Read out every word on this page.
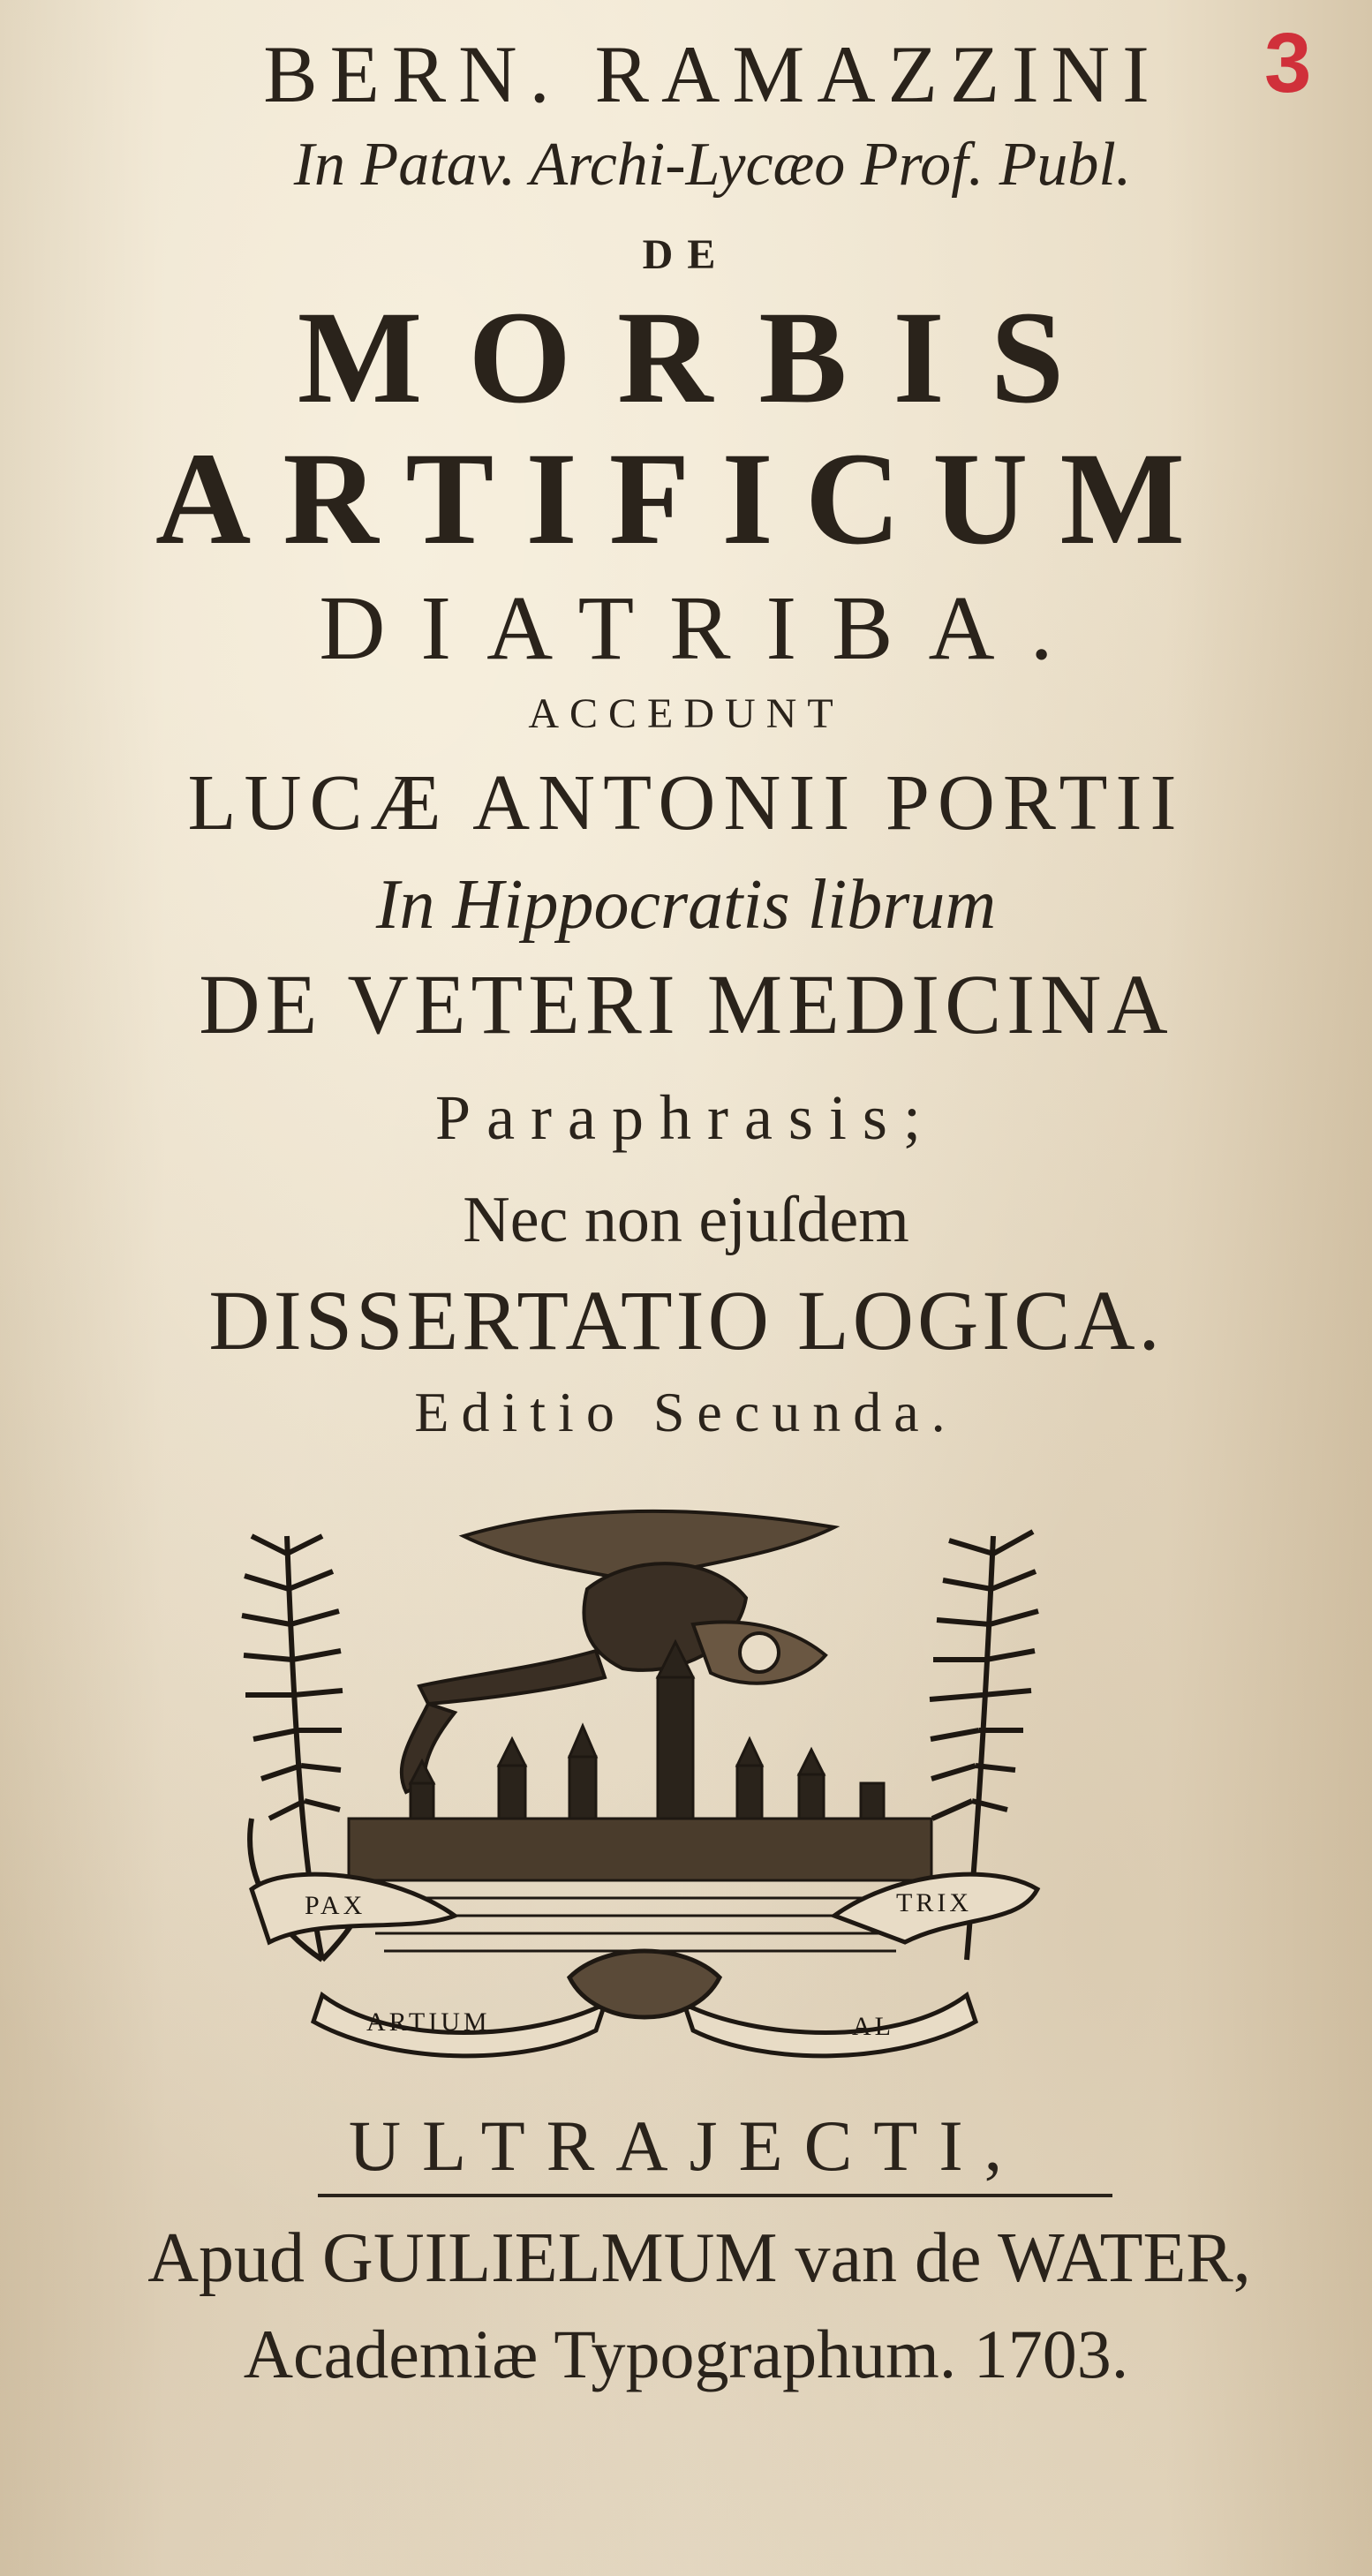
3
BERN. RAMAZZINI
In Patav. Archi-Lycæo Prof. Publ.
DE
MORBIS
ARTIFICUM
DIATRIBA.
ACCEDUNT
LUCÆ ANTONII PORTII
In Hippocratis librum
DE VETERI MEDICINA
Paraphrasis;
Nec non ejuſdem
DISSERTATIO LOGICA.
Editio Secunda.
PAX	TRIX
ARTIUM	AL
ULTRAJECTI,
Apud GUILIELMUM van de WATER,
Academiæ Typographum. 1703.
